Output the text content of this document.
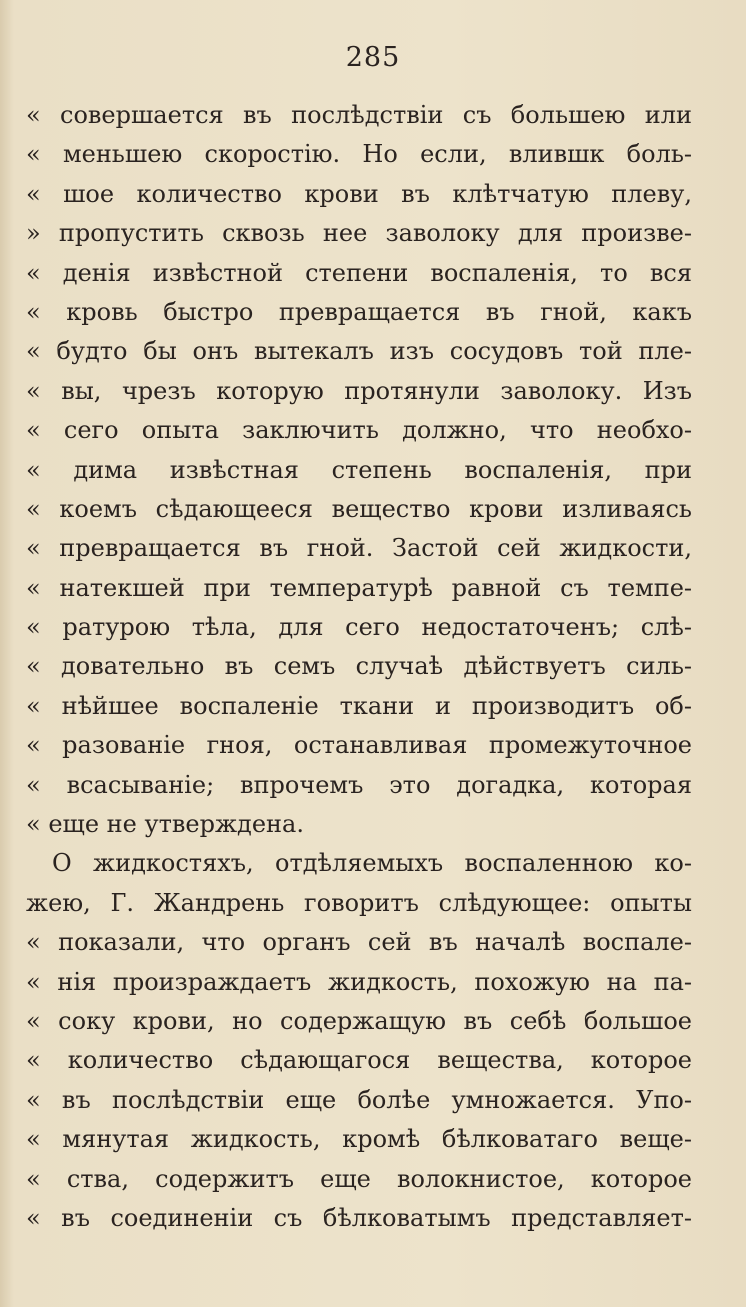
285
« совершается въ послѣдствіи съ большею или
« меньшею скоростію. Но если, влившк боль-
« шое количество крови въ клѣтчатую плеву,
» пропустить сквозь нее заволоку для произве-
« денія извѣстной степени воспаленія, то вся
« кровь быстро превращается въ гной, какъ
« будто бы онъ вытекалъ изъ сосудовъ той пле-
« вы, чрезъ которую протянули заволоку. Изъ
« сего опыта заключить должно, что необхо-
« дима извѣстная степень воспаленія, при
« коемъ сѣдающееся вещество крови изливаясь
« превращается въ гной. Застой сей жидкости,
« натекшей при температурѣ равной съ темпе-
« ратурою тѣла, для сего недостаточенъ; слѣ-
« довательно въ семъ случаѣ дѣйствуетъ силь-
« нѣйшее воспаленіе ткани и производитъ об-
« разованіе гноя, останавливая промежуточное
« всасываніе; впрочемъ это догадка, которая
« еще не утверждена.
О жидкостяхъ, отдѣляемыхъ воспаленною ко-
жею, Г. Жандрень говоритъ слѣдующее: опыты
« показали, что органъ сей въ началѣ воспале-
« нія произраждаетъ жидкость, похожую на па-
« соку крови, но содержащую въ себѣ большое
« количество сѣдающагося вещества, которое
« въ послѣдствіи еще болѣе умножается. Упо-
« мянутая жидкость, кромѣ бѣлковатаго веще-
« ства, содержитъ еще волокнистое, которое
« въ соединеніи съ бѣлковатымъ представляет-
